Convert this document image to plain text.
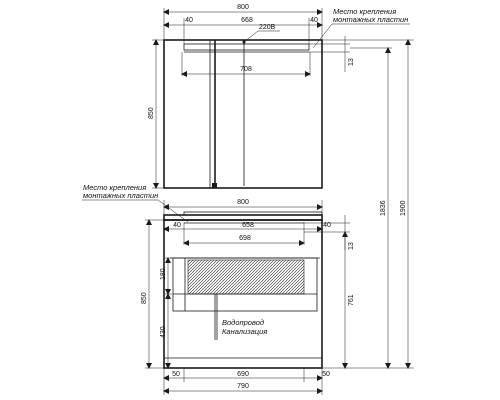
800
40	668	40
220B
708
13
850
Место крепления
монтажных пластин
Водопровод
Канализация
800
40	658	40
698
13
761
850
180
430
50	690	50
790
Место крепления
монтажных пластин
1900
1836
